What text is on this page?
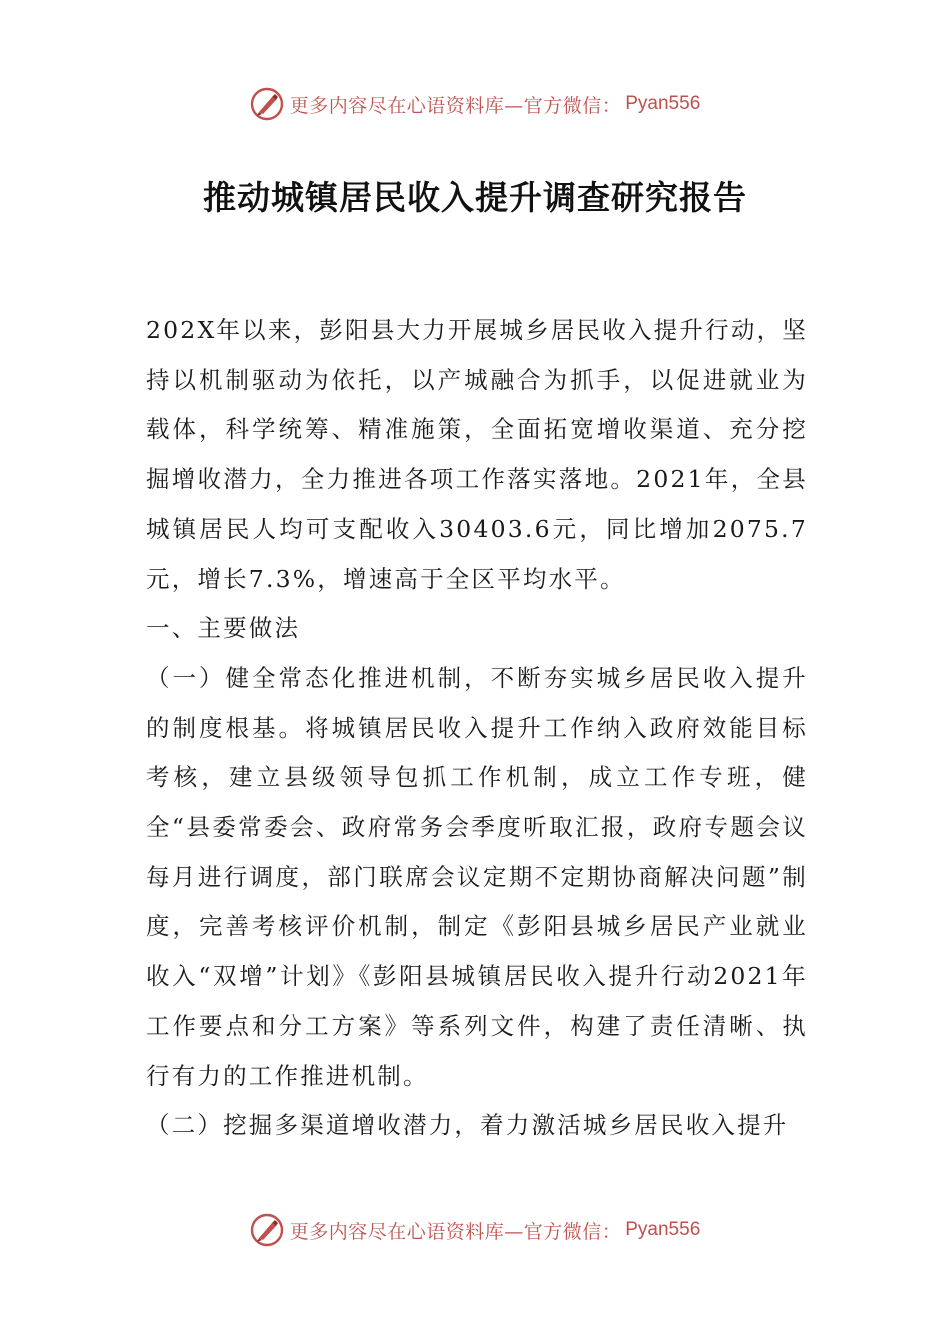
更多内容尽在心语资料库—官方微信： Pyan556
推动城镇居民收入提升调查研究报告

202X年以来，彭阳县大力开展城乡居民收入提升行动，坚持以机制驱动为依托，以产城融合为抓手，以促进就业为载体，科学统筹、精准施策，全面拓宽增收渠道、充分挖掘增收潜力，全力推进各项工作落实落地。2021年，全县城镇居民人均可支配收入30403.6元，同比增加2075.7元，增长7.3%，增速高于全区平均水平。

一、主要做法

（一）健全常态化推进机制，不断夯实城乡居民收入提升的制度根基。将城镇居民收入提升工作纳入政府效能目标考核，建立县级领导包抓工作机制，成立工作专班，健全“县委常委会、政府常务会季度听取汇报，政府专题会议每月进行调度，部门联席会议定期不定期协商解决问题”制度，完善考核评价机制，制定《彭阳县城乡居民产业就业收入“双增”计划》《彭阳县城镇居民收入提升行动2021年工作要点和分工方案》等系列文件，构建了责任清晰、执行有力的工作推进机制。

（二）挖掘多渠道增收潜力，着力激活城乡居民收入提升

更多内容尽在心语资料库—官方微信： Pyan556
